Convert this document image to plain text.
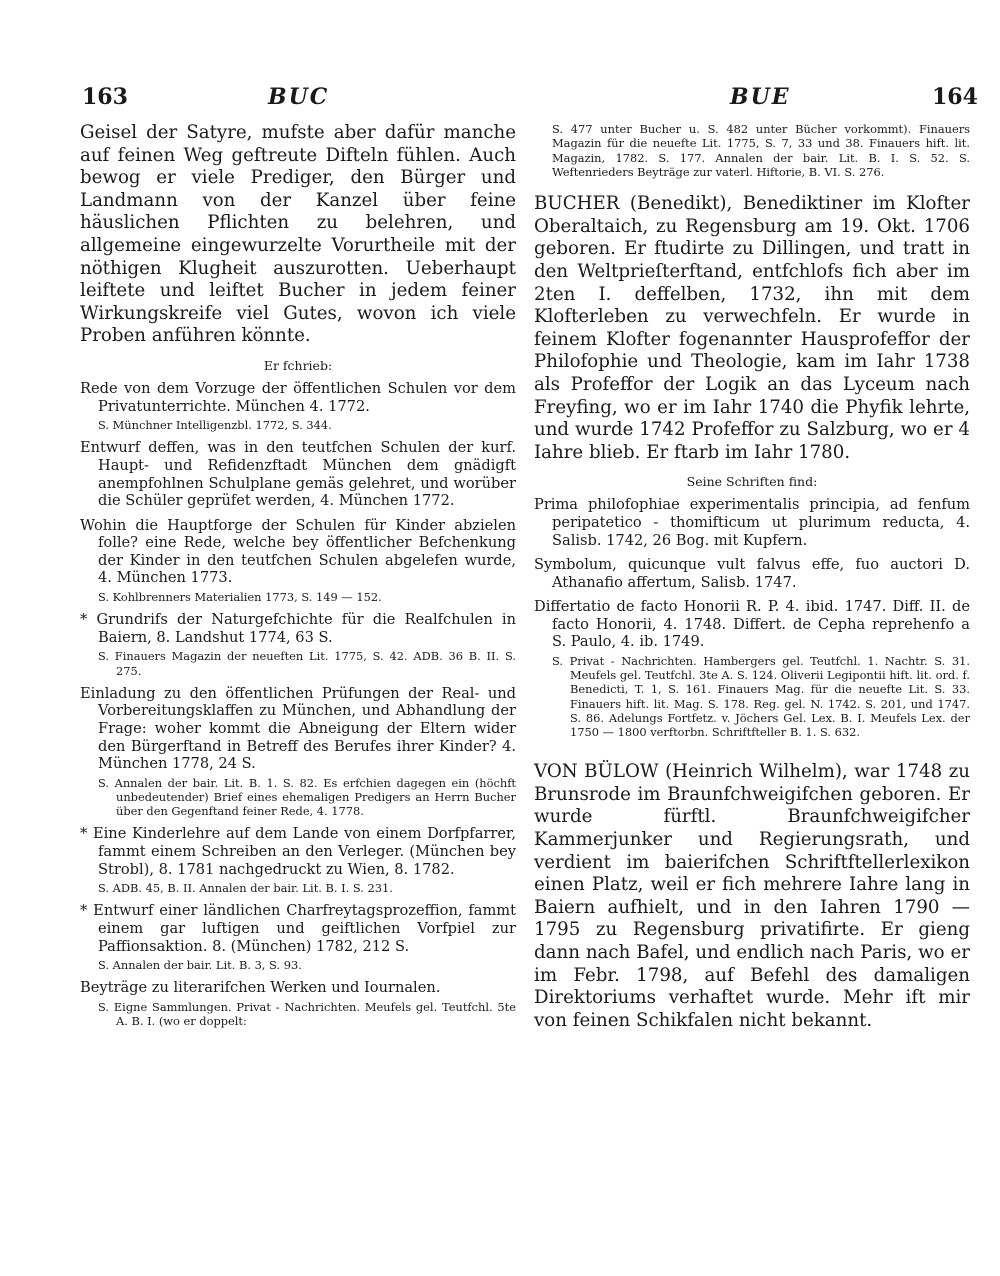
163	BUC	BUE	164

Geisel der Satyre, mufste aber dafür manche auf feinen Weg geftreute Difteln fühlen. Auch bewog er viele Prediger, den Bürger und Landmann von der Kanzel über feine häuslichen Pflichten zu belehren, und allgemeine eingewurzelte Vorurtheile mit der nöthigen Klugheit auszurotten. Ueberhaupt leiftete und leiftet Bucher in jedem feiner Wirkungskreife viel Gutes, wovon ich viele Proben anführen könnte.

Er fchrieb:

Rede von dem Vorzuge der öffentlichen Schulen vor dem Privatunterrichte. München 4. 1772.

S. Münchner Intelligenzbl. 1772, S. 344.

Entwurf deffen, was in den teutfchen Schulen der kurf. Haupt- und Refidenzftadt München dem gnädigft anempfohlnen Schulplane gemäs gelehret, und worüber die Schüler geprüfet werden, 4. München 1772.

Wohin die Hauptforge der Schulen für Kinder abzielen folle? eine Rede, welche bey öffentlicher Befchenkung der Kinder in den teutfchen Schulen abgelefen wurde, 4. München 1773.

S. Kohlbrenners Materialien 1773, S. 149 — 152.

* Grundrifs der Naturgefchichte für die Realfchulen in Baiern, 8. Landshut 1774, 63 S.

S. Finauers Magazin der neueften Lit. 1775, S. 42. ADB. 36 B. II. S. 275.

Einladung zu den öffentlichen Prüfungen der Real- und Vorbereitungsklaffen zu München, und Abhandlung der Frage: woher kommt die Abneigung der Eltern wider den Bürgerftand in Betreff des Berufes ihrer Kinder? 4. München 1778, 24 S.

S. Annalen der bair. Lit. B. 1. S. 82. Es erfchien dagegen ein (höchft unbedeutender) Brief eines ehemaligen Predigers an Herrn Bucher über den Gegenftand feiner Rede, 4. 1778.

* Eine Kinderlehre auf dem Lande von einem Dorfpfarrer, fammt einem Schreiben an den Verleger. (München bey Strobl), 8. 1781 nachgedruckt zu Wien, 8. 1782.

S. ADB. 45, B. II. Annalen der bair. Lit. B. I. S. 231.

* Entwurf einer ländlichen Charfreytagsprozeffion, fammt einem gar luftigen und geiftlichen Vorfpiel zur Paffionsaktion. 8. (München) 1782, 212 S.

S. Annalen der bair. Lit. B. 3, S. 93.

Beyträge zu literarifchen Werken und Iournalen.

S. Eigne Sammlungen. Privat - Nachrichten. Meufels gel. Teutfchl. 5te A. B. I. (wo er doppelt:

S. 477 unter Bucher u. S. 482 unter Bücher vorkommt). Finauers Magazin für die neuefte Lit. 1775, S. 7, 33 und 38. Finauers hift. lit. Magazin, 1782. S. 177. Annalen der bair. Lit. B. I. S. 52. S. Weftenrieders Beyträge zur vaterl. Hiftorie, B. VI. S. 276.

BUCHER (Benedikt), Benediktiner im Klofter Oberaltaich, zu Regensburg am 19. Okt. 1706 geboren. Er ftudirte zu Dillingen, und tratt in den Weltprieſterftand, entfchlofs fich aber im 2ten I. deffelben, 1732, ihn mit dem Klofterleben zu verwechfeln. Er wurde in feinem Klofter fogenannter Hausprofeffor der Philofophie und Theologie, kam im Iahr 1738 als Profeffor der Logik an das Lyceum nach Freyfing, wo er im Iahr 1740 die Phyfik lehrte, und wurde 1742 Profeffor zu Salzburg, wo er 4 Iahre blieb. Er ftarb im Iahr 1780.

Seine Schriften find:

Prima philofophiae experimentalis principia, ad fenfum peripatetico - thomifticum ut plurimum reducta, 4. Salisb. 1742, 26 Bog. mit Kupfern.

Symbolum, quicunque vult falvus effe, fuo auctori D. Athanafio affertum, Salisb. 1747.

Differtatio de facto Honorii R. P. 4. ibid. 1747. Diff. II. de facto Honorii, 4. 1748. Differt. de Cepha reprehenfo a S. Paulo, 4. ib. 1749.

S. Privat - Nachrichten. Hambergers gel. Teutfchl. 1. Nachtr. S. 31. Meufels gel. Teutfchl. 3te A. S. 124. Oliverii Legipontii hift. lit. ord. f. Benedicti, T. 1, S. 161. Finauers Mag. für die neuefte Lit. S. 33. Finauers hift. lit. Mag. S. 178. Reg. gel. N. 1742. S. 201, und 1747. S. 86. Adelungs Fortfetz. v. Jöchers Gel. Lex. B. I. Meufels Lex. der 1750 — 1800 verftorbn. Schriftfteller B. 1. S. 632.

VON BÜLOW (Heinrich Wilhelm), war 1748 zu Brunsrode im Braunfchweigifchen geboren. Er wurde fürftl. Braunfchweigifcher Kammerjunker und Regierungsrath, und verdient im baierifchen Schriftftellerlexikon einen Platz, weil er fich mehrere Iahre lang in Baiern aufhielt, und in den Iahren 1790 — 1795 zu Regensburg privatifirte. Er gieng dann nach Bafel, und endlich nach Paris, wo er im Febr. 1798, auf Befehl des damaligen Direktoriums verhaftet wurde. Mehr ift mir von feinen Schikfalen nicht bekannt.
